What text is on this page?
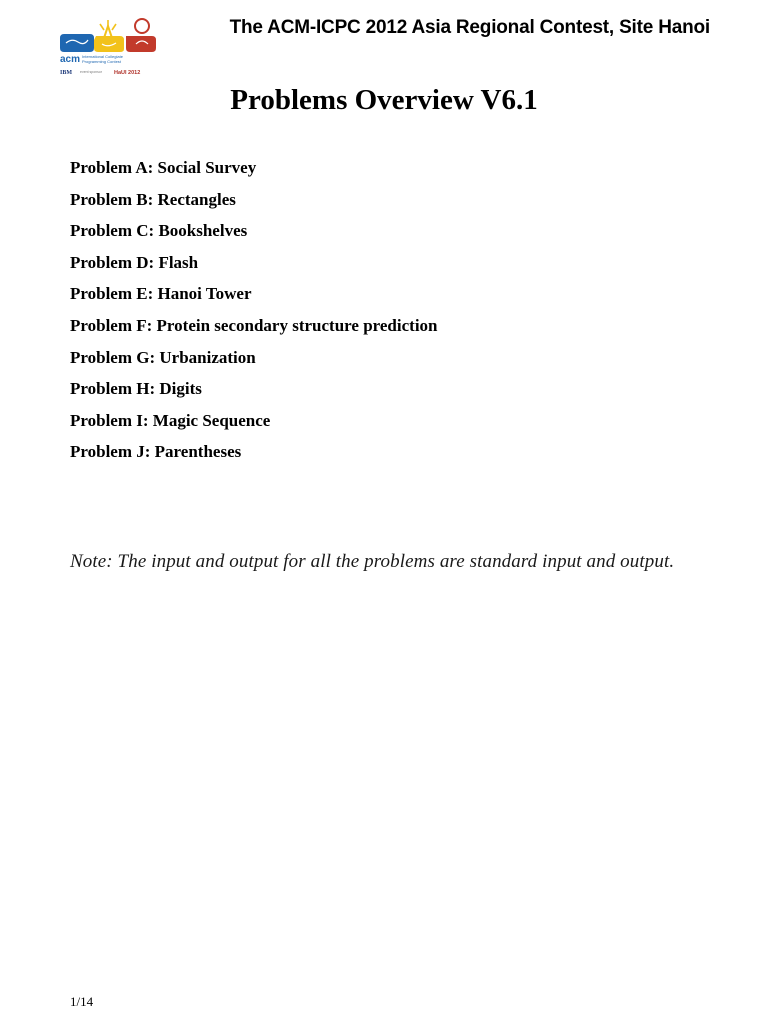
acm International Collegiate
Programming Contest
IBM event sponsor HaUI 2012
The ACM-ICPC 2012 Asia Regional Contest, Site Hanoi
Problems Overview V6.1
Problem A: Social Survey
Problem B: Rectangles
Problem C: Bookshelves
Problem D: Flash
Problem E: Hanoi Tower
Problem F: Protein secondary structure prediction
Problem G: Urbanization
Problem H: Digits
Problem I: Magic Sequence
Problem J: Parentheses

Note: The input and output for all the problems are standard input and output.

1/14
